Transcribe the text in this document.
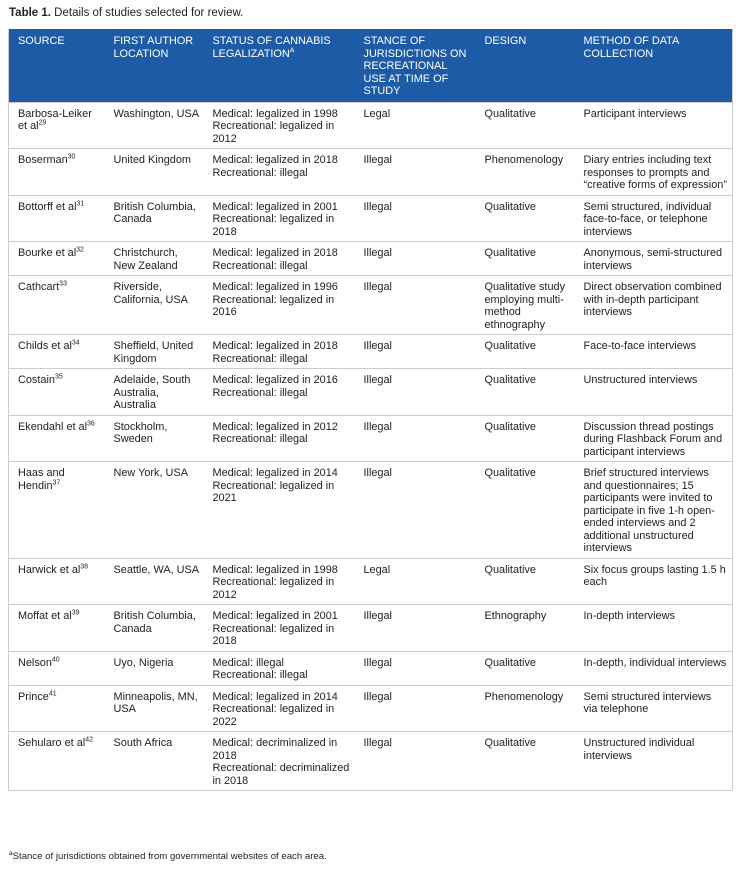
Table 1. Details of studies selected for review.
SOURCE	FIRST AUTHOR LOCATION	STATUS OF CANNABIS $LEGALIZATION^A$	STANCE OF JURISDICTIONS ON RECREATIONAL USE AT TIME OF STUDY	DESIGN	METHOD OF DATA COLLECTION
Barbosa-Leiker et $al^{29}$	Washington, USA	Medical: legalized in 1998
Recreational: legalized in 2012	Legal	Qualitative	Participant interviews
Boserman$^{30}$	United Kingdom	Medical: legalized in 2018
Recreational: illegal	Illegal	Phenomenology	Diary entries including text responses to prompts and “creative forms of expression”
Bottorff et $al^{31}$	British Columbia, Canada	Medical: legalized in 2001
Recreational: legalized in 2018	Illegal	Qualitative	Semi structured, individual face-to-face, or telephone interviews
Bourke et $al^{32}$	Christchurch, New Zealand	Medical: legalized in 2018
Recreational: illegal	Illegal	Qualitative	Anonymous, semi-structured interviews
Cathcart$^{33}$	Riverside, California, USA	Medical: legalized in 1996
Recreational: legalized in 2016	Illegal	Qualitative study employing multi-method ethnography	Direct observation combined with in-depth participant interviews
Childs et $al^{34}$	Sheffield, United Kingdom	Medical: legalized in 2018
Recreational: illegal	Illegal	Qualitative	Face-to-face interviews
Costain$^{35}$	Adelaide, South Australia, Australia	Medical: legalized in 2016
Recreational: illegal	Illegal	Qualitative	Unstructured interviews
Ekendahl et $al^{36}$	Stockholm, Sweden	Medical: legalized in 2012
Recreational: illegal	Illegal	Qualitative	Discussion thread postings during Flashback Forum and participant interviews
Haas and Hendin$^{37}$	New York, USA	Medical: legalized in 2014
Recreational: legalized in 2021	Illegal	Qualitative	Brief structured interviews and questionnaires; 15 participants were invited to participate in five 1-h open-ended interviews and 2 additional unstructured interviews
Harwick et $al^{38}$	Seattle, WA, USA	Medical: legalized in 1998
Recreational: legalized in 2012	Legal	Qualitative	Six focus groups lasting 1.5 h each
Moffat et $al^{39}$	British Columbia, Canada	Medical: legalized in 2001
Recreational: legalized in 2018	Illegal	Ethnography	In-depth interviews
Nelson$^{40}$	Uyo, Nigeria	Medical: illegal
Recreational: illegal	Illegal	Qualitative	In-depth, individual interviews
Prince$^{41}$	Minneapolis, MN, USA	Medical: legalized in 2014
Recreational: legalized in 2022	Illegal	Phenomenology	Semi structured interviews via telephone
Sehularo et $al^{42}$	South Africa	Medical: decriminalized in 2018
Recreational: decriminalized in 2018	Illegal	Qualitative	Unstructured individual interviews
$^a$Stance of jurisdictions obtained from governmental websites of each area.
